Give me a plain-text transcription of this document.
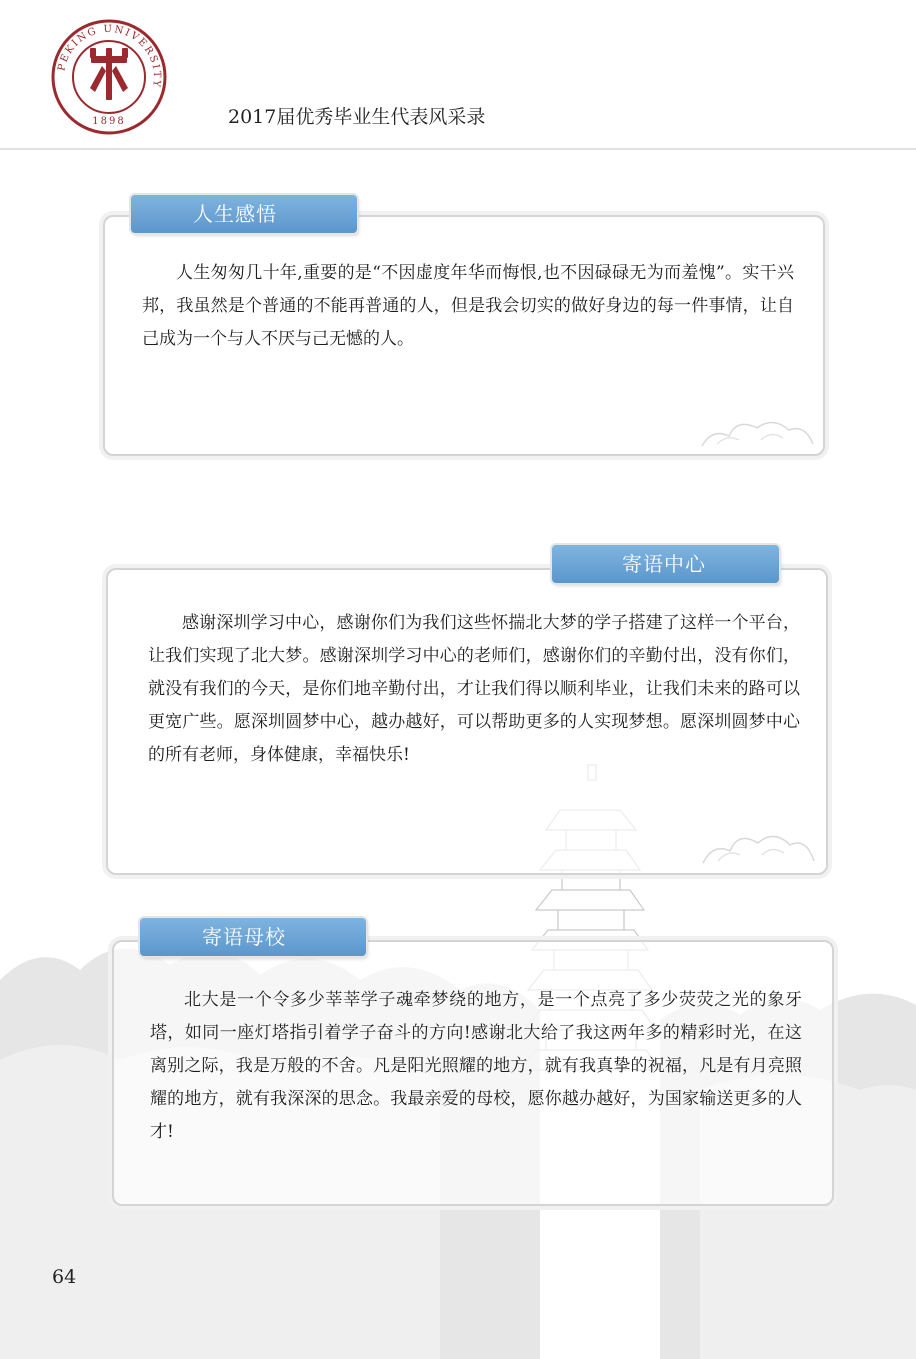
PEKING UNIVERSITY
1898	2017届优秀毕业生代表风采录
人生感悟

人生匆匆几十年,重要的是“不因虚度年华而悔恨,也不因碌碌无为而羞愧”。实干兴邦，我虽然是个普通的不能再普通的人，但是我会切实的做好身边的每一件事情，让自己成为一个与人不厌与己无憾的人。

寄语中心

感谢深圳学习中心，感谢你们为我们这些怀揣北大梦的学子搭建了这样一个平台，让我们实现了北大梦。感谢深圳学习中心的老师们，感谢你们的辛勤付出，没有你们，就没有我们的今天，是你们地辛勤付出，才让我们得以顺利毕业，让我们未来的路可以更宽广些。愿深圳圆梦中心，越办越好，可以帮助更多的人实现梦想。愿深圳圆梦中心的所有老师，身体健康，幸福快乐!

寄语母校

北大是一个令多少莘莘学子魂牵梦绕的地方，是一个点亮了多少荧荧之光的象牙塔，如同一座灯塔指引着学子奋斗的方向!感谢北大给了我这两年多的精彩时光，在这离别之际，我是万般的不舍。凡是阳光照耀的地方，就有我真挚的祝福，凡是有月亮照耀的地方，就有我深深的思念。我最亲爱的母校，愿你越办越好，为国家输送更多的人才!

64
